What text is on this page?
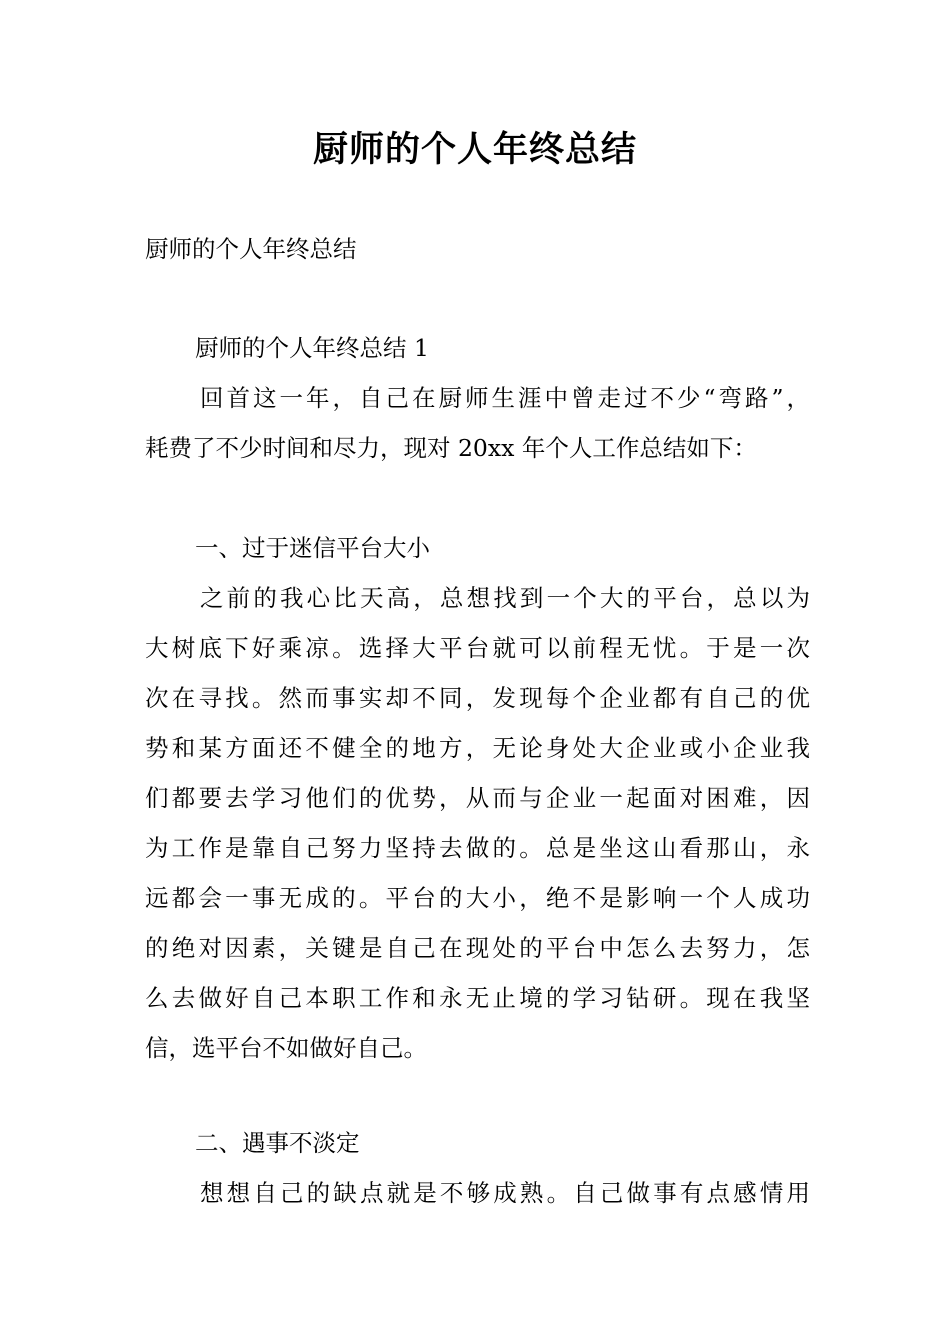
厨师的个人年终总结
厨师的个人年终总结
厨师的个人年终总结 1
回首这一年，自己在厨师生涯中曾走过不少“弯路”，
耗费了不少时间和尽力，现对 20xx 年个人工作总结如下：
一、过于迷信平台大小
之前的我心比天高，总想找到一个大的平台，总以为
大树底下好乘凉。选择大平台就可以前程无忧。于是一次
次在寻找。然而事实却不同，发现每个企业都有自己的优
势和某方面还不健全的地方，无论身处大企业或小企业我
们都要去学习他们的优势，从而与企业一起面对困难，因
为工作是靠自己努力坚持去做的。总是坐这山看那山，永
远都会一事无成的。平台的大小，绝不是影响一个人成功
的绝对因素，关键是自己在现处的平台中怎么去努力，怎
么去做好自己本职工作和永无止境的学习钻研。现在我坚
信，选平台不如做好自己。
二、遇事不淡定
想想自己的缺点就是不够成熟。自己做事有点感情用
